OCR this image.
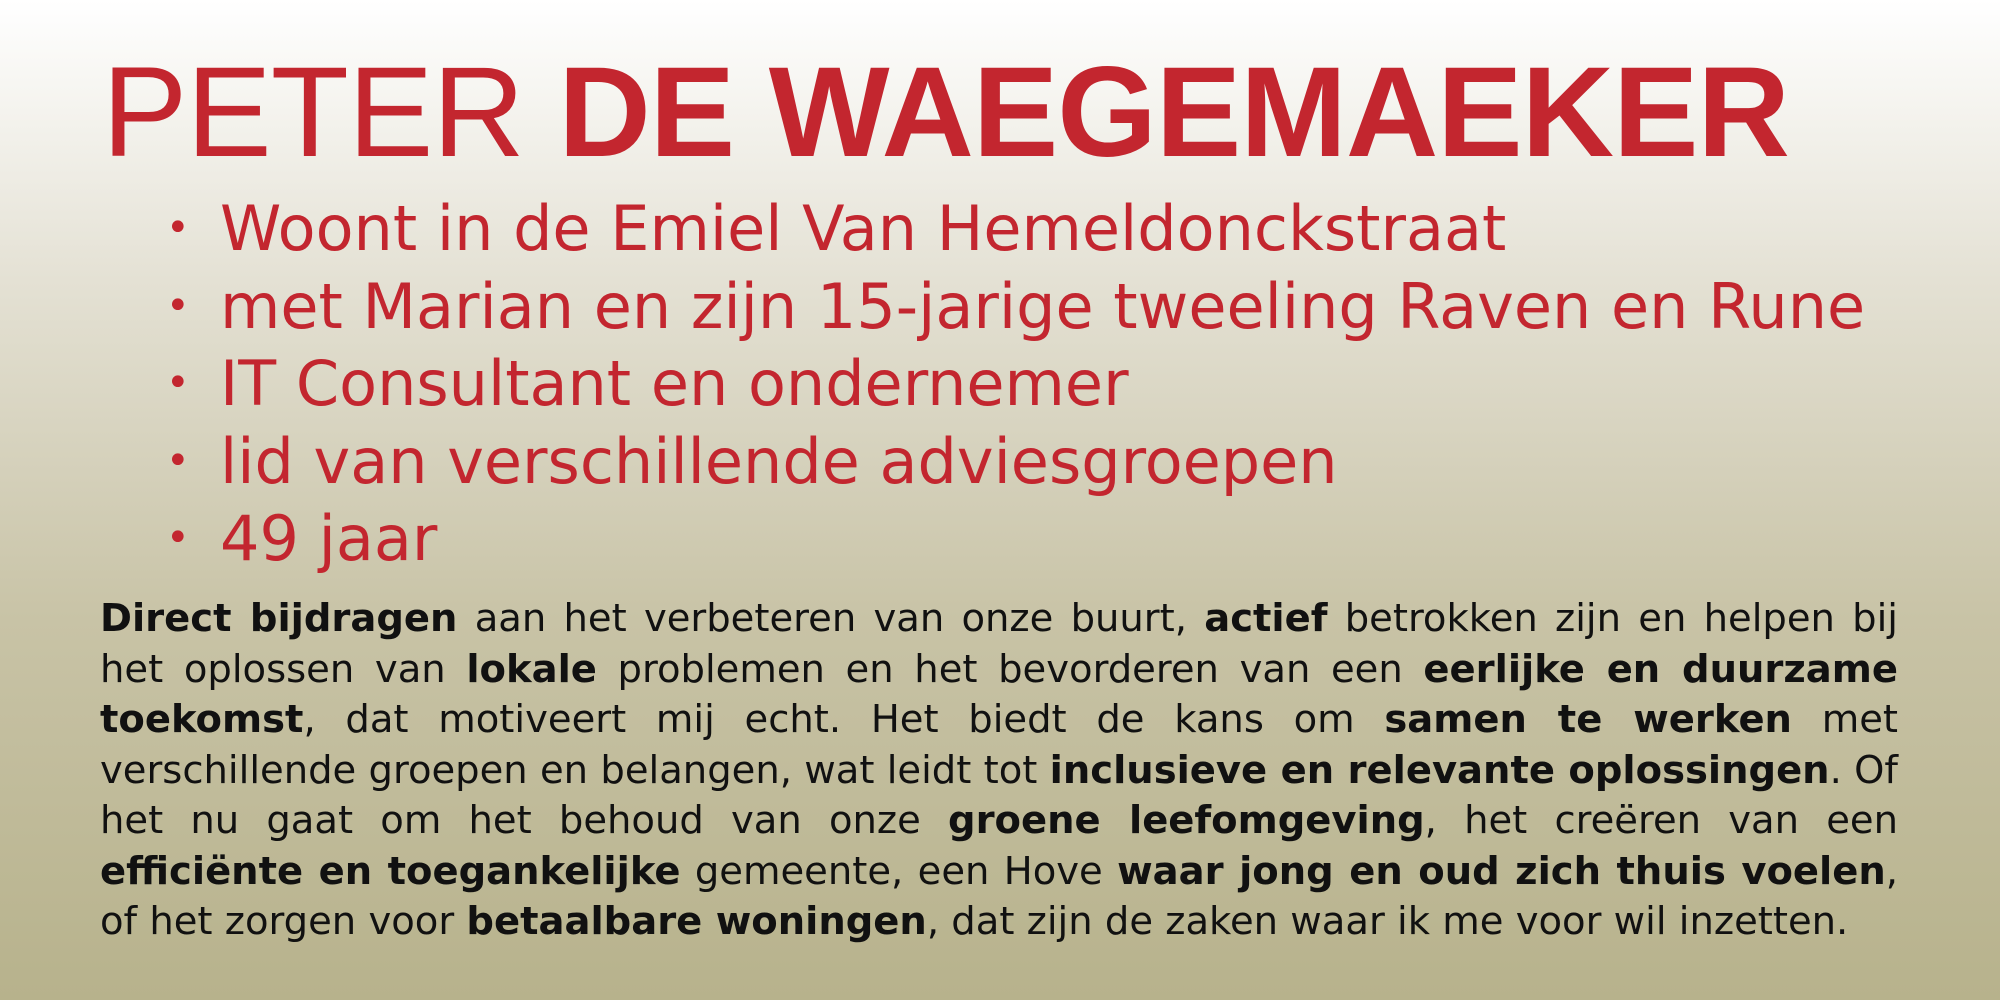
PETER DE WAEGEMAEKER
• Woont in de Emiel Van Hemeldonckstraat
• met Marian en zijn 15-jarige tweeling Raven en Rune
• IT Consultant en ondernemer
• lid van verschillende adviesgroepen
• 49 jaar

Direct bijdragen aan het verbeteren van onze buurt, actief betrokken zijn en helpen bij het oplossen van lokale problemen en het bevorderen van een eerlijke en duurzame toekomst, dat motiveert mij echt. Het biedt de kans om samen te werken met verschillende groepen en belangen, wat leidt tot inclusieve en relevante oplossingen. Of het nu gaat om het behoud van onze groene leefomgeving, het creëren van een efficiënte en toegankelijke gemeente, een Hove waar jong en oud zich thuis voelen, of het zorgen voor betaalbare woningen, dat zijn de zaken waar ik me voor wil inzetten.
